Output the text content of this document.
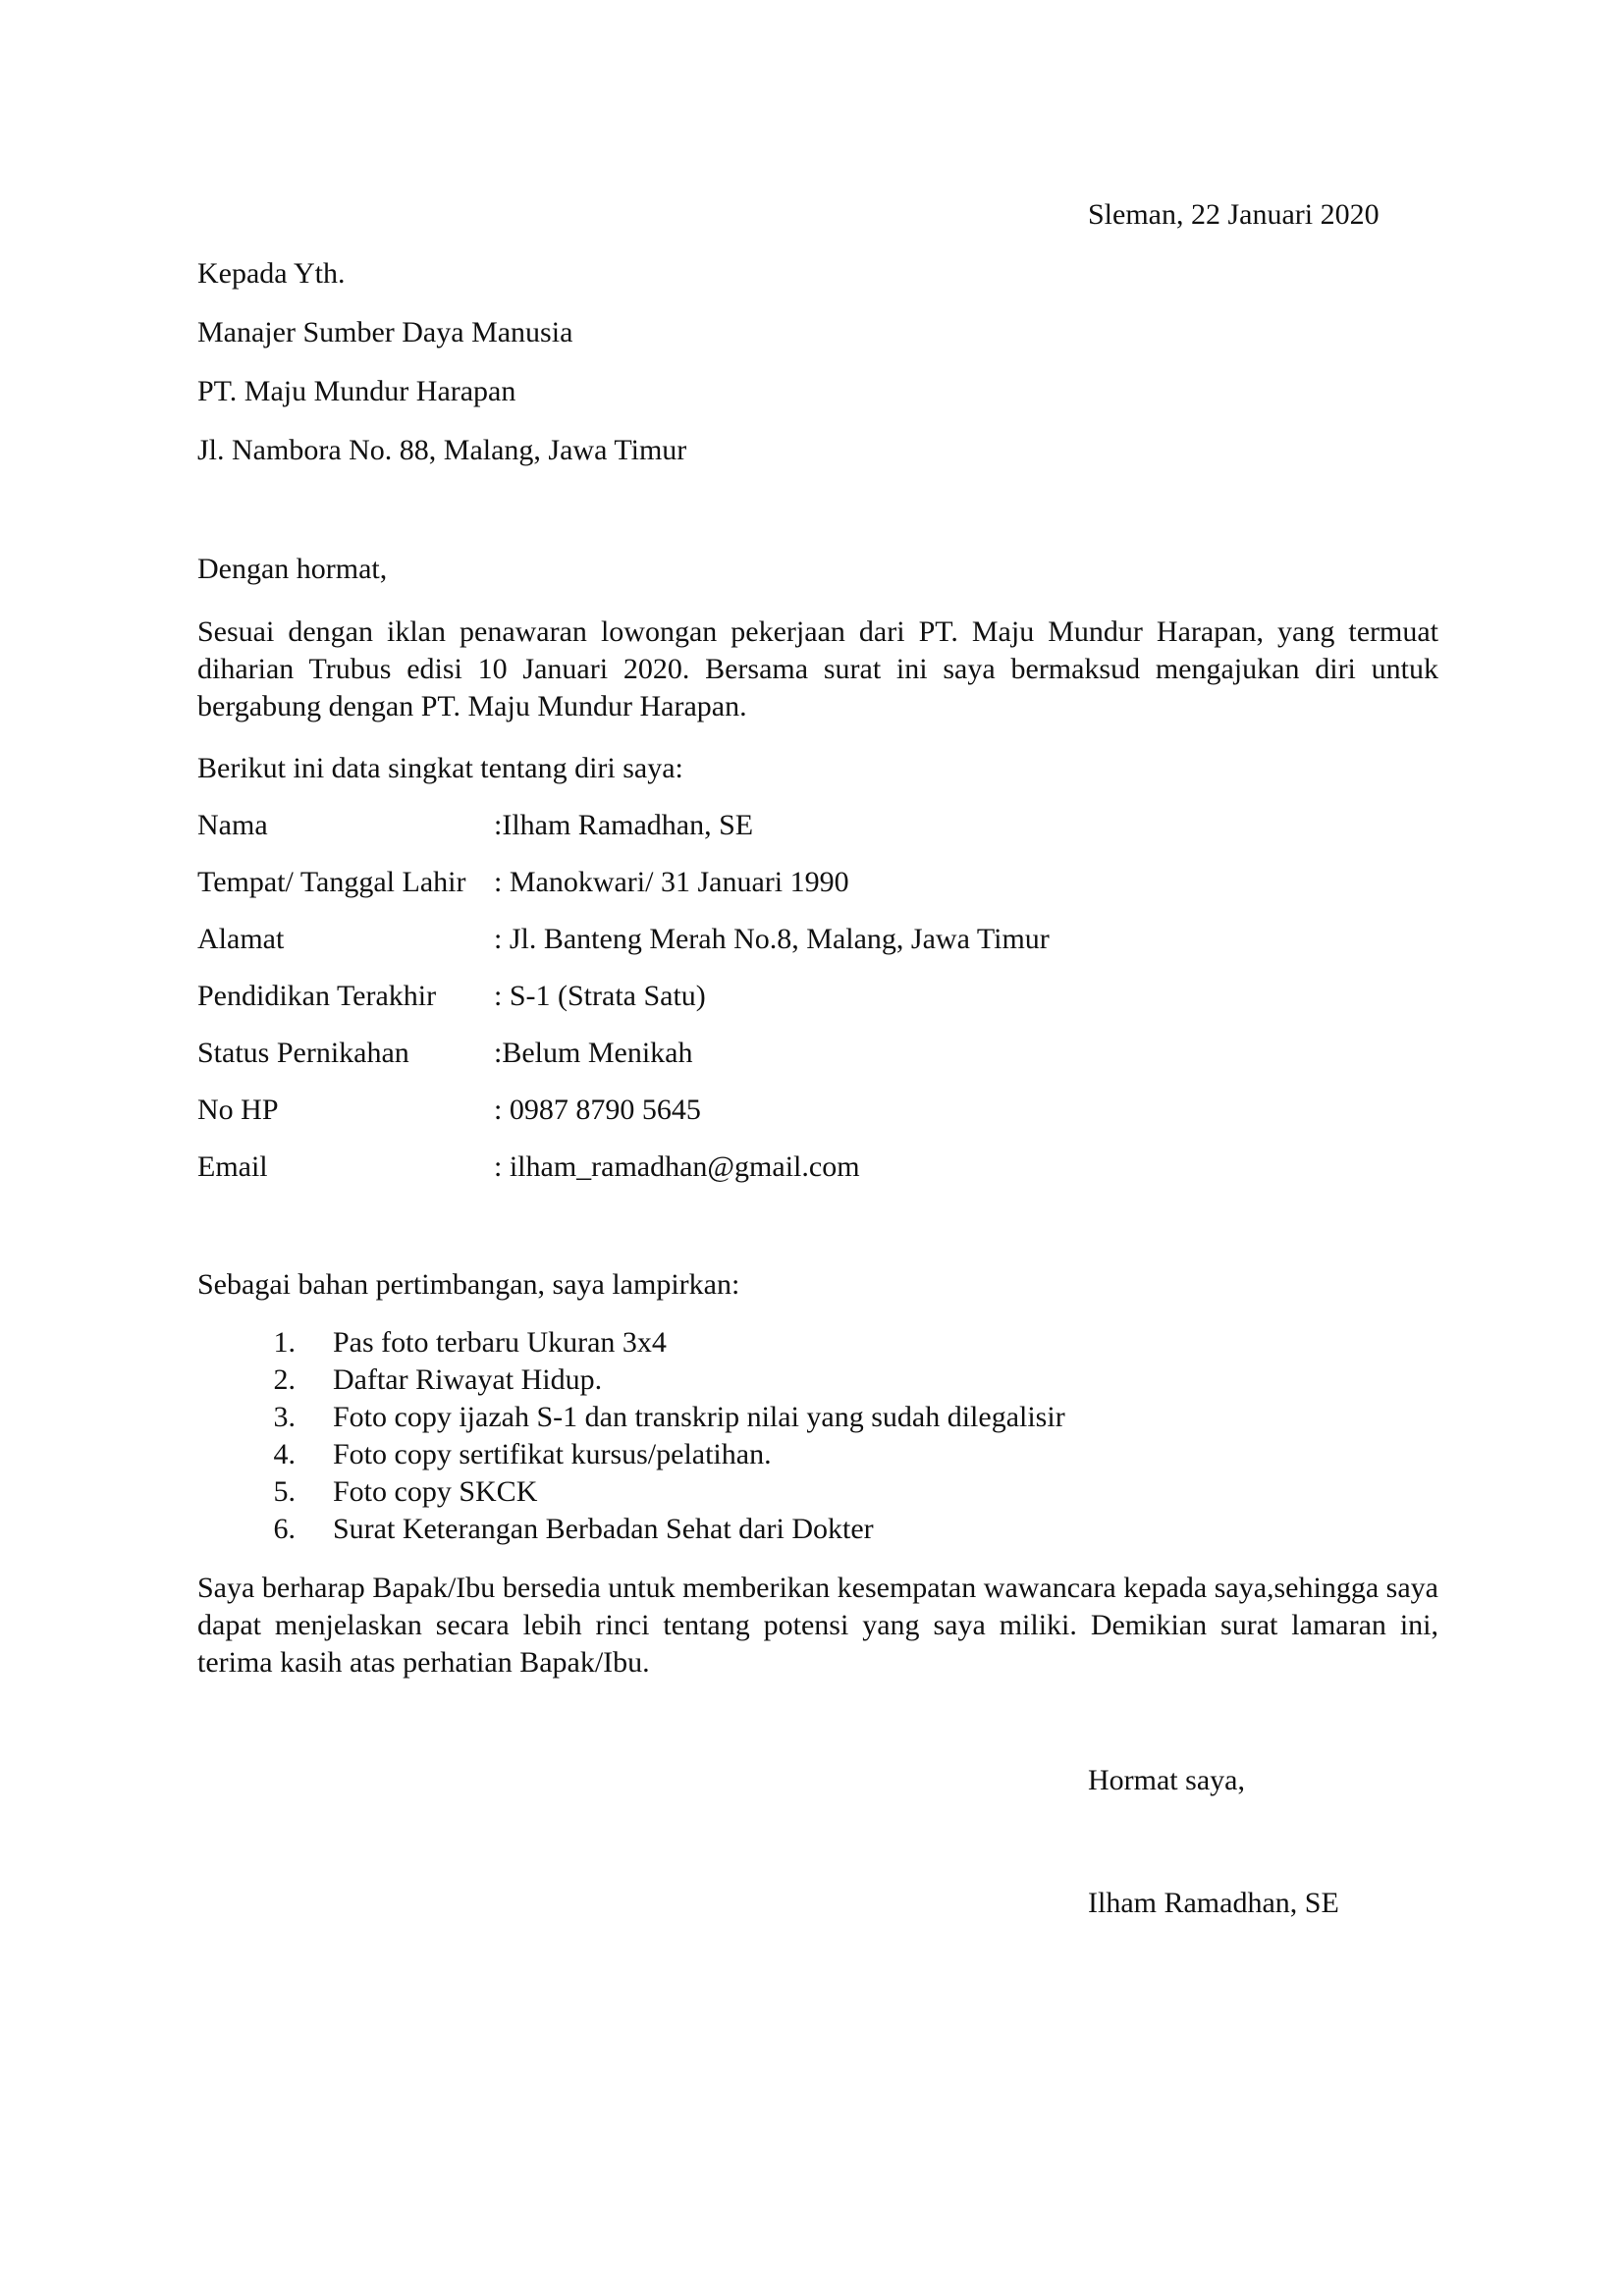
Sleman, 22 Januari 2020
Kepada Yth.
Manajer Sumber Daya Manusia
PT. Maju Mundur Harapan
Jl. Nambora No. 88, Malang, Jawa Timur
Dengan hormat,
Sesuai dengan iklan penawaran lowongan pekerjaan dari PT. Maju Mundur Harapan, yang termuat diharian Trubus edisi 10 Januari 2020. Bersama surat ini saya bermaksud mengajukan diri untuk bergabung dengan PT. Maju Mundur Harapan.
Berikut ini data singkat tentang diri saya:
Nama	:Ilham Ramadhan, SE
Tempat/ Tanggal Lahir : Manokwari/ 31 Januari 1990
Alamat	: Jl. Banteng Merah No.8, Malang, Jawa Timur
Pendidikan Terakhir	: S-1 (Strata Satu)
Status Pernikahan	:Belum Menikah
No HP	: 0987 8790 5645
Email	: ilham_ramadhan@gmail.com
Sebagai bahan pertimbangan, saya lampirkan:
1. Pas foto terbaru Ukuran 3x4
2. Daftar Riwayat Hidup.
3. Foto copy ijazah S-1 dan transkrip nilai yang sudah dilegalisir
4. Foto copy sertifikat kursus/pelatihan.
5. Foto copy SKCK
6. Surat Keterangan Berbadan Sehat dari Dokter
Saya berharap Bapak/Ibu bersedia untuk memberikan kesempatan wawancara kepada saya,sehingga saya dapat menjelaskan secara lebih rinci tentang potensi yang saya miliki. Demikian surat lamaran ini, terima kasih atas perhatian Bapak/Ibu.
Hormat saya,
Ilham Ramadhan, SE
